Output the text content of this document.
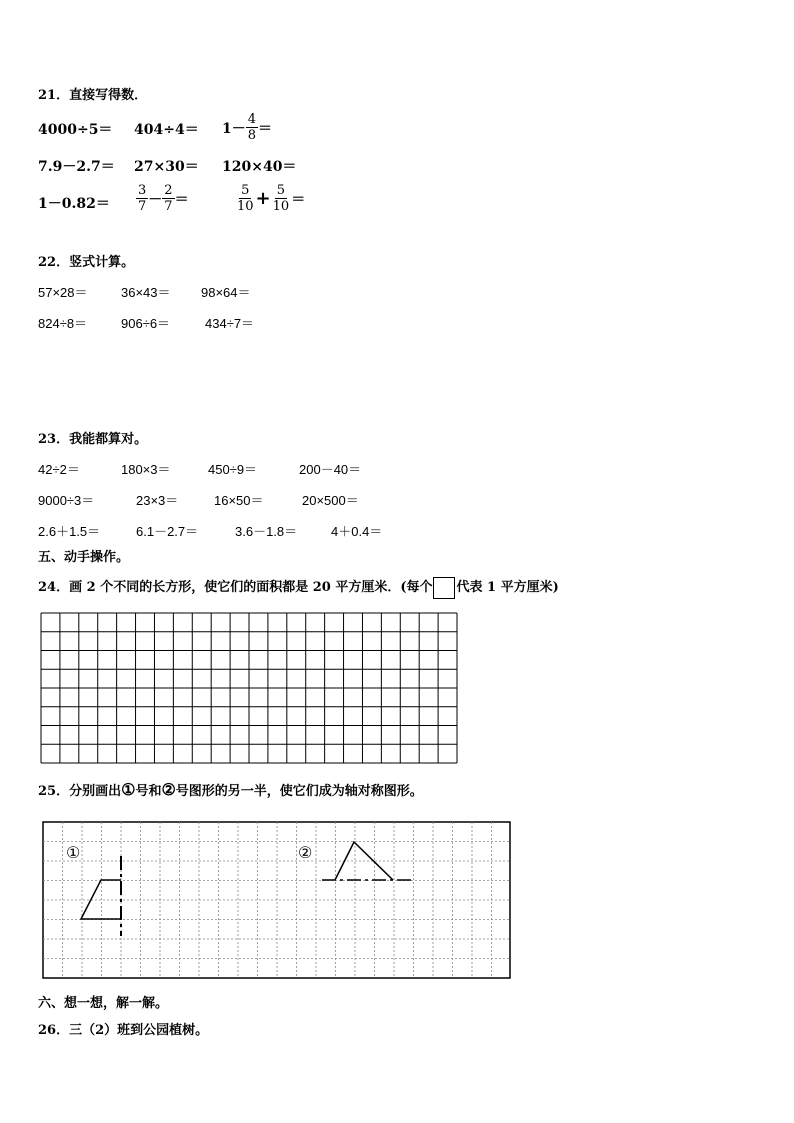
21．直接写得数．
$4000\div 5= 404\div 4= 1- \frac{4}{8}$ ＝
7.9－2.7＝ 27×30＝ 120×40＝
$1-0.82= \frac{3}{7} - \frac{2}{7}$ ＝	$\frac{5}{10} + \frac{5}{10}$ ＝
22．竖式计算。
57×28＝	36×43＝ 98×64＝
824÷8＝	906÷6＝	434÷7＝
23．我能都算对。
42÷2＝	180×3＝	450÷9＝	200－40＝
9000÷3＝	23×3＝	16×50＝	20×500＝
2.6＋1.5＝	6.1－2.7＝	3.6－1.8＝	4＋0.4＝
五、动手操作。
24．画 2 个不同的长方形，使它们的面积都是 20 平方厘米．(每个 代表 1 平方厘米)
25．分别画出①号和②号图形的另一半，使它们成为轴对称图形。
①	②
六、想一想，解一解。
26．三（2）班到公园植树。
